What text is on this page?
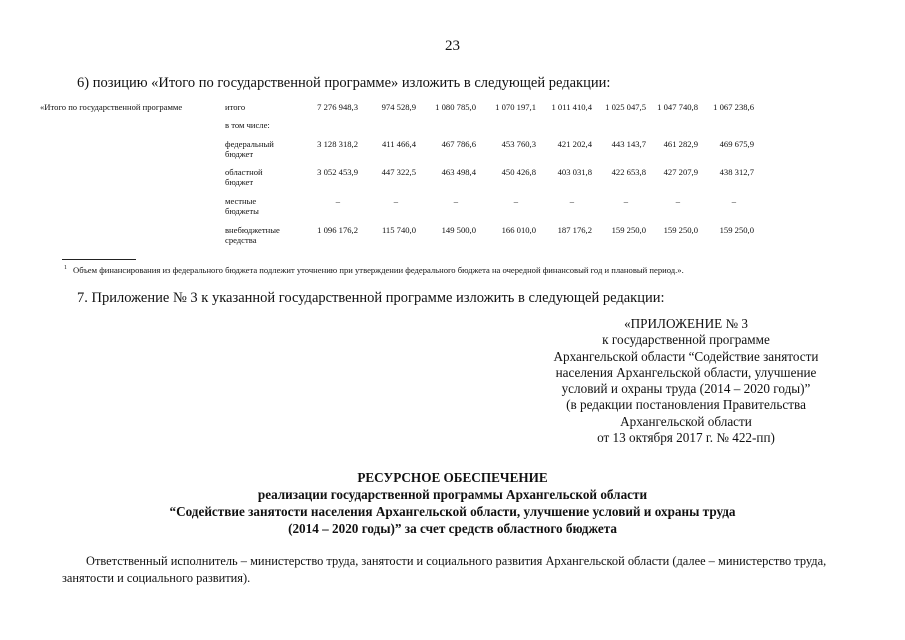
23
6) позицию «Итого по государственной программе» изложить в следующей редакции:
«Итого по государственной программе	итого	7 276 948,3	974 528,9	1 080 785,0	1 070 197,1	1 011 410,4	1 025 047,5	1 047 740,8	1 067 238,6
в том числе:
федеральный
бюджет
3 128 318,2	411 466,4	467 786,6	453 760,3	421 202,4	443 143,7	461 282,9	469 675,9
областной
бюджет
3 052 453,9	447 322,5	463 498,4	450 426,8	403 031,8	422 653,8	427 207,9	438 312,7
местные
бюджеты
–	–	–	–	–	–	–	–
внебюджетные
средства
1 096 176,2	115 740,0	149 500,0	166 010,0	187 176,2	159 250,0	159 250,0	159 250,0
$^1$ Объем финансирования из федерального бюджета подлежит уточнению при утверждении федерального бюджета на очередной финансовый год и плановый период.».
7. Приложение № 3 к указанной государственной программе изложить в следующей редакции:
«ПРИЛОЖЕНИЕ № 3
к государственной программе
Архангельской области “Содействие занятости
населения Архангельской области, улучшение
условий и охраны труда (2014 – 2020 годы)”
(в редакции постановления Правительства
Архангельской области
от 13 октября 2017 г. № 422-пп)
РЕСУРСНОЕ ОБЕСПЕЧЕНИЕ
реализации государственной программы Архангельской области
“Содействие занятости населения Архангельской области, улучшение условий и охраны труда
(2014 – 2020 годы)” за счет средств областного бюджета
Ответственный исполнитель – министерство труда, занятости и социального развития Архангельской области (далее – министерство труда,
занятости и социального развития).
